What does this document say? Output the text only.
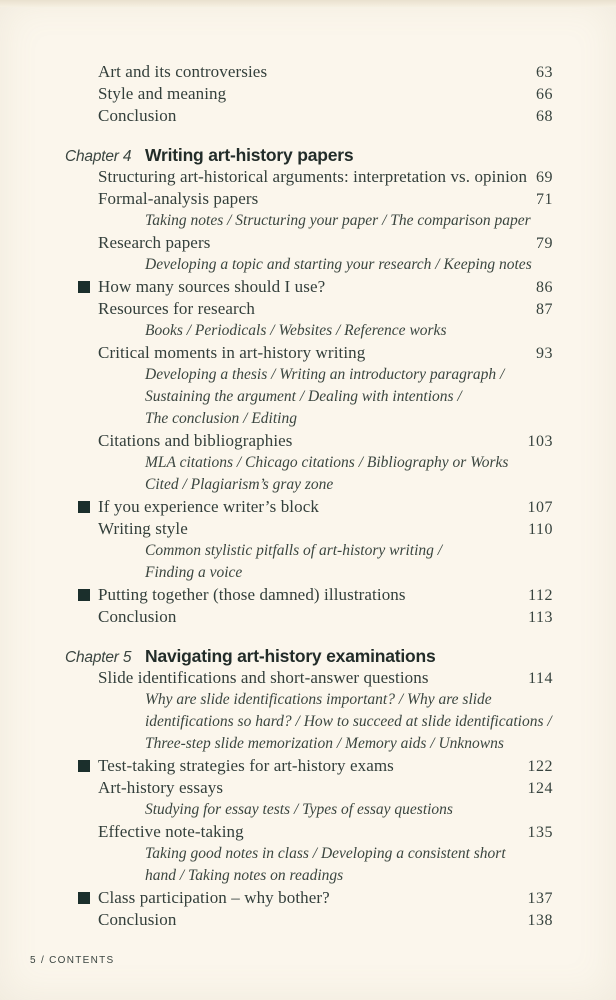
Art and its controversies	63
Style and meaning	66
Conclusion	68
Chapter 4 Writing art-history papers
Structuring art-historical arguments: interpretation vs. opinion 69
Formal-analysis papers	71
Taking notes / Structuring your paper / The comparison paper
Research papers	79
Developing a topic and starting your research / Keeping notes
How many sources should I use?	86
Resources for research	87
Books / Periodicals / Websites / Reference works
Critical moments in art-history writing	93
Developing a thesis / Writing an introductory paragraph /
Sustaining the argument / Dealing with intentions /
The conclusion / Editing
Citations and bibliographies	103
MLA citations / Chicago citations / Bibliography or Works
Cited / Plagiarism’s gray zone
If you experience writer’s block	107
Writing style	110
Common stylistic pitfalls of art-history writing /
Finding a voice
Putting together (those damned) illustrations	112
Conclusion	113
Chapter 5 Navigating art-history examinations
Slide identifications and short-answer questions	114
Why are slide identifications important? / Why are slide
identifications so hard? / How to succeed at slide identifications /
Three-step slide memorization / Memory aids / Unknowns
Test-taking strategies for art-history exams	122
Art-history essays	124
Studying for essay tests / Types of essay questions
Effective note-taking	135
Taking good notes in class / Developing a consistent short
hand / Taking notes on readings
Class participation – why bother?	137
Conclusion	138
5 / CONTENTS
